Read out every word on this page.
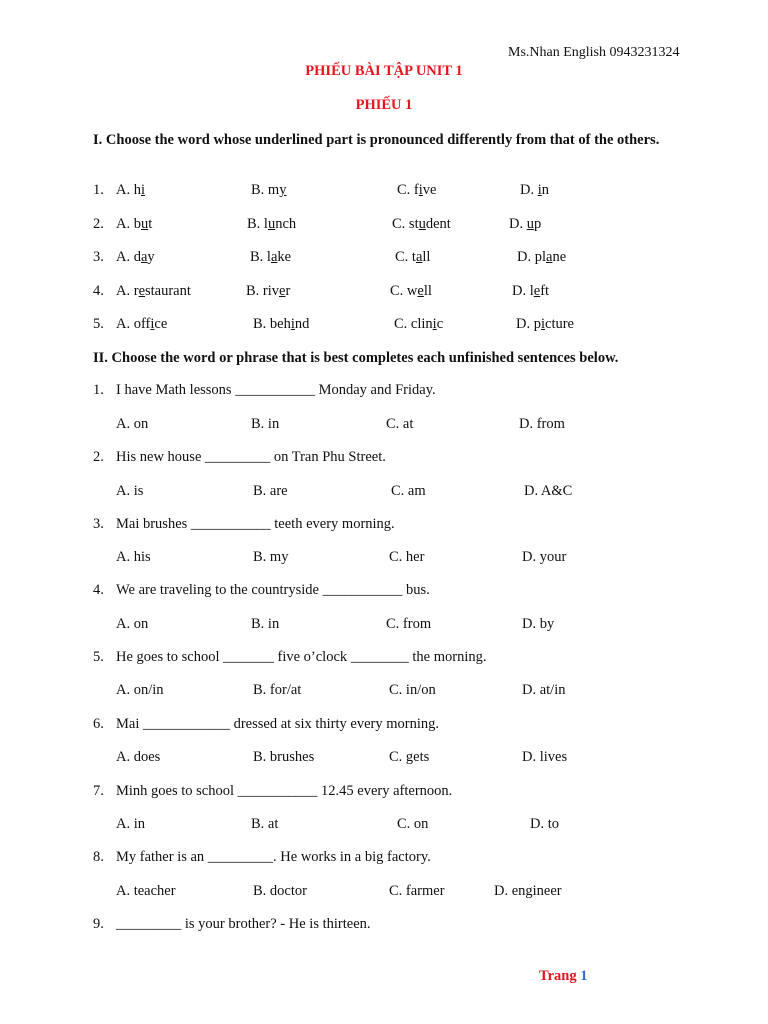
Ms.Nhan English 0943231324
PHIẾU BÀI TẬP UNIT 1
PHIẾU 1
I. Choose the word whose underlined part is pronounced differently from that of the others.
1. A. hi	B. my	C. five	D. in
2. A. but	B. lunch	C. student	D. up
3. A. day	B. lake	C. tall	D. plane
4. A. restaurant	B. river	C. well	D. left
5. A. office	B. behind	C. clinic	D. picture
II. Choose the word or phrase that is best completes each unfinished sentences below.
1. I have Math lessons ___________ Monday and Friday.
A. on	B. in	C. at	D. from
2. His new house _________ on Tran Phu Street.
A. is	B. are	C. am	D. A&C
3. Mai brushes ___________ teeth every morning.
A. his	B. my	C. her	D. your
4. We are traveling to the countryside ___________ bus.
A. on	B. in	C. from	D. by
5. He goes to school _______ five o’clock ________ the morning.
A. on/in	B. for/at	C. in/on	D. at/in
6. Mai ____________ dressed at six thirty every morning.
A. does	B. brushes	C. gets	D. lives
7. Minh goes to school ___________ 12.45 every afternoon.
A. in	B. at	C. on	D. to
8. My father is an _________. He works in a big factory.
A. teacher	B. doctor	C. farmer	D. engineer
9. _________ is your brother? - He is thirteen.
Trang 1
